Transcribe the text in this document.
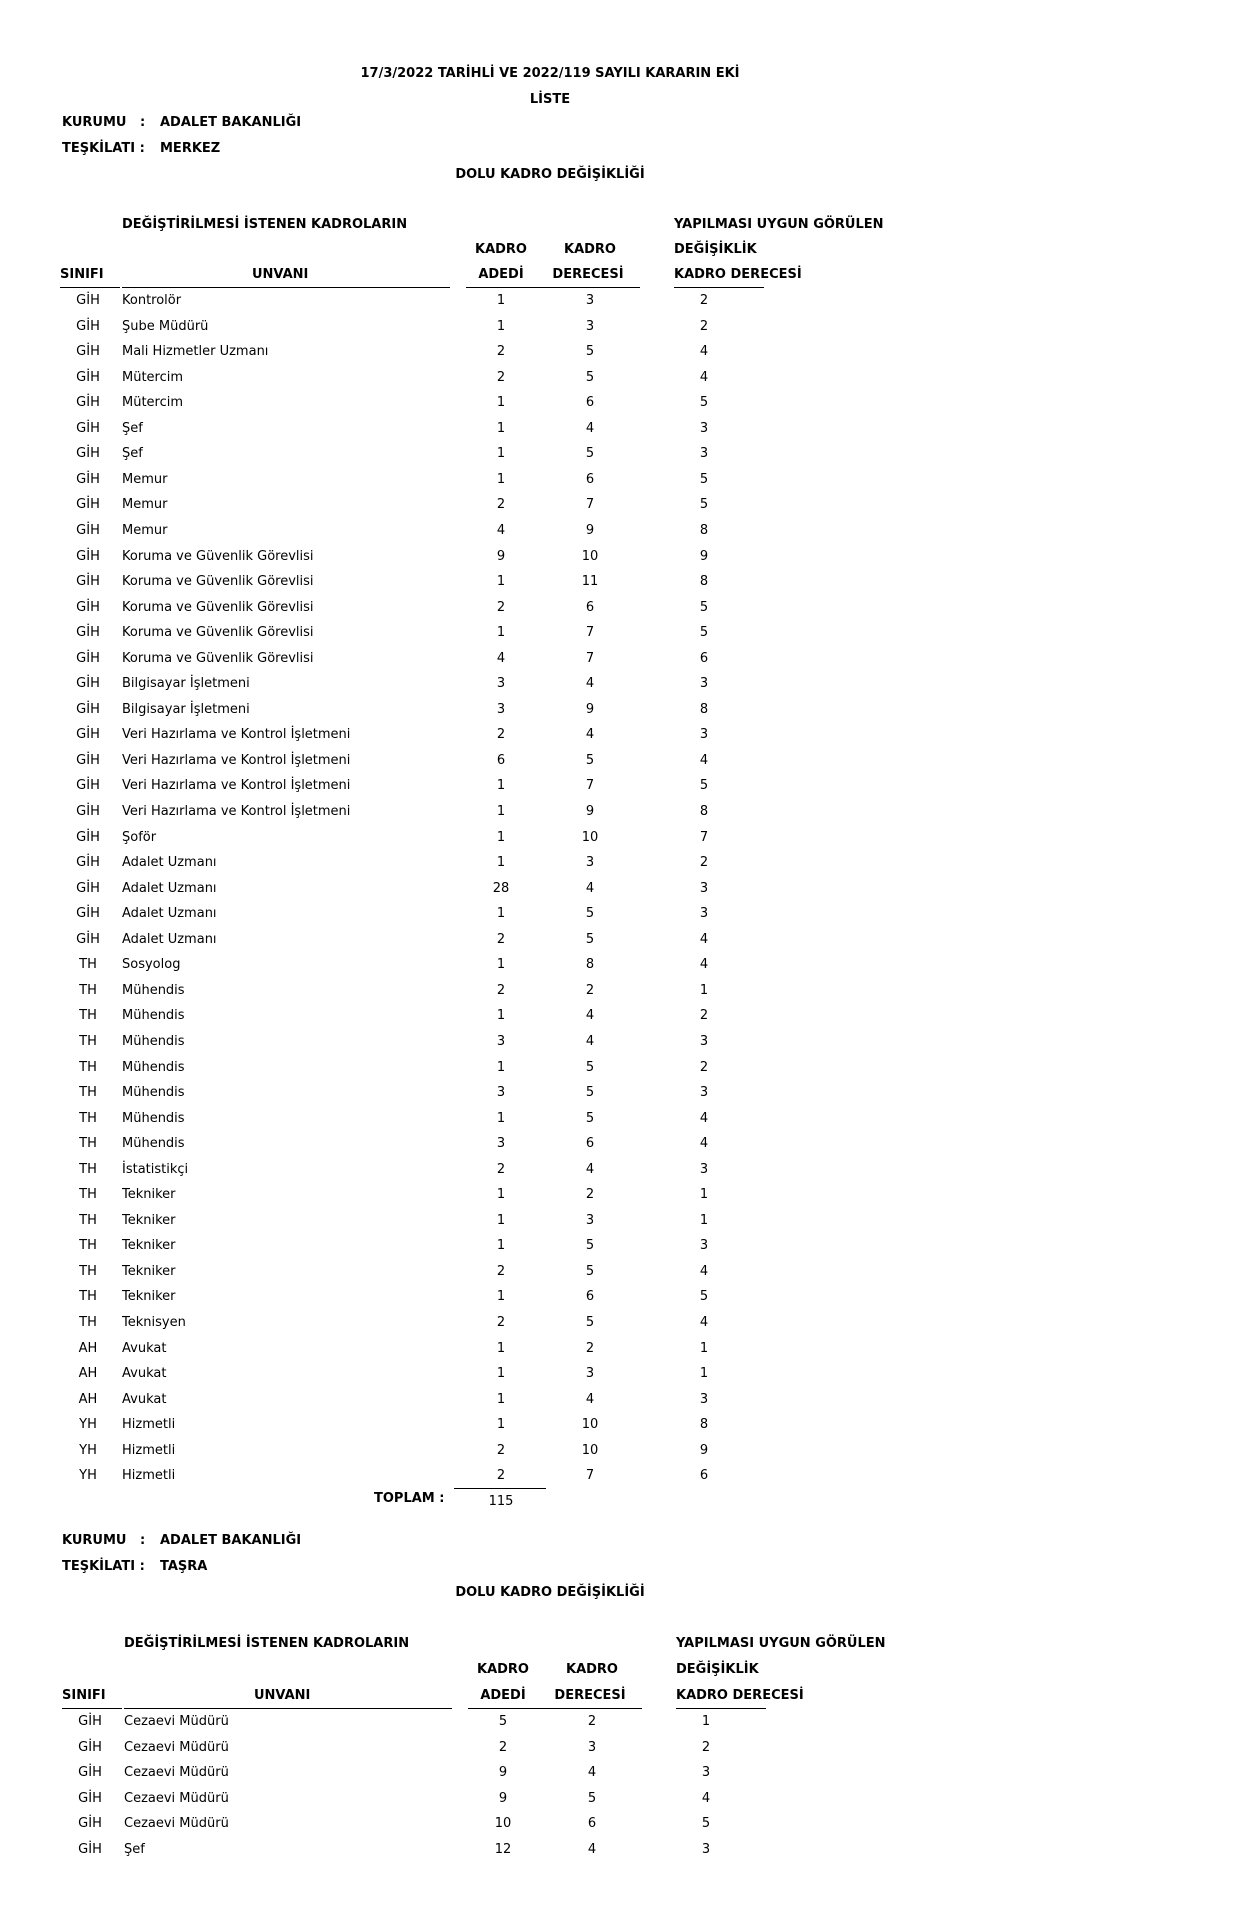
17/3/2022 TARİHLİ VE 2022/119 SAYILI KARARIN EKİ
LİSTE
KURUMU : ADALET BAKANLIĞI
TEŞKİLATI : MERKEZ
DOLU KADRO DEĞİŞİKLİĞİ
DEĞİŞTİRİLMESİ İSTENEN KADROLARIN	YAPILMASI UYGUN GÖRÜLEN
KADRO	KADRO	DEĞİŞİKLİK
SINIFI	UNVANI	ADEDİ	DERECESİ	KADRO DERECESİ
GİH	Kontrolör	1	3	2
GİH	Şube Müdürü	1	3	2
GİH	Mali Hizmetler Uzmanı	2	5	4
GİH	Mütercim	2	5	4
GİH	Mütercim	1	6	5
GİH	Şef	1	4	3
GİH	Şef	1	5	3
GİH	Memur	1	6	5
GİH	Memur	2	7	5
GİH	Memur	4	9	8
GİH	Koruma ve Güvenlik Görevlisi	9	10	9
GİH	Koruma ve Güvenlik Görevlisi	1	11	8
GİH	Koruma ve Güvenlik Görevlisi	2	6	5
GİH	Koruma ve Güvenlik Görevlisi	1	7	5
GİH	Koruma ve Güvenlik Görevlisi	4	7	6
GİH	Bilgisayar İşletmeni	3	4	3
GİH	Bilgisayar İşletmeni	3	9	8
GİH	Veri Hazırlama ve Kontrol İşletmeni	2	4	3
GİH	Veri Hazırlama ve Kontrol İşletmeni	6	5	4
GİH	Veri Hazırlama ve Kontrol İşletmeni	1	7	5
GİH	Veri Hazırlama ve Kontrol İşletmeni	1	9	8
GİH	Şoför	1	10	7
GİH	Adalet Uzmanı	1	3	2
GİH	Adalet Uzmanı	28	4	3
GİH	Adalet Uzmanı	1	5	3
GİH	Adalet Uzmanı	2	5	4
TH	Sosyolog	1	8	4
TH	Mühendis	2	2	1
TH	Mühendis	1	4	2
TH	Mühendis	3	4	3
TH	Mühendis	1	5	2
TH	Mühendis	3	5	3
TH	Mühendis	1	5	4
TH	Mühendis	3	6	4
TH	İstatistikçi	2	4	3
TH	Tekniker	1	2	1
TH	Tekniker	1	3	1
TH	Tekniker	1	5	3
TH	Tekniker	2	5	4
TH	Tekniker	1	6	5
TH	Teknisyen	2	5	4
AH	Avukat	1	2	1
AH	Avukat	1	3	1
AH	Avukat	1	4	3
YH	Hizmetli	1	10	8
YH	Hizmetli	2	10	9
YH	Hizmetli	2	7	6
TOPLAM :	115
KURUMU : ADALET BAKANLIĞI
TEŞKİLATI : TAŞRA
DOLU KADRO DEĞİŞİKLİĞİ
DEĞİŞTİRİLMESİ İSTENEN KADROLARIN	YAPILMASI UYGUN GÖRÜLEN
KADRO	KADRO	DEĞİŞİKLİK
SINIFI	UNVANI	ADEDİ	DERECESİ	KADRO DERECESİ
GİH	Cezaevi Müdürü	5	2	1
GİH	Cezaevi Müdürü	2	3	2
GİH	Cezaevi Müdürü	9	4	3
GİH	Cezaevi Müdürü	9	5	4
GİH	Cezaevi Müdürü	10	6	5
GİH	Şef	12	4	3
